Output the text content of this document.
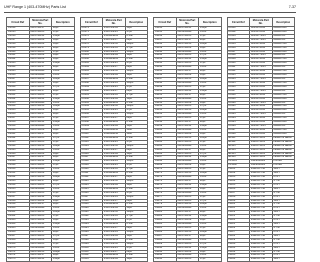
UHF Range 1 (403-470MHz) Parts List	7-37
Circuit Ref	Motorola Part No.	Description
C1014	2113743L17	22pF
C1015	2113743L25	47pF
C1016	2113743L41	150pF
C1017	2113743L09	10pF
C1018	2113743L09	10pF
C1019	2113743L17	22pF
C1020	2113743L25	47pF
C1021	2113743L09	10pF
C1022	2113743L09	10pF
C1023	2113743L41	150pF
C1024	2113743L17	22pF
C1025	2113945B02	0.1uF
C1026	2113945B02	0.1uF
C1027	2113743L33	100pF
C1028	2113743L09	10pF
C1029	2113743L05	4.7pF
C1030	2113743L17	22pF
C1031	2113743L25	47pF
C1032	2113743L41	150pF
C1033	2113945B02	0.1uF
C1034	2113743L33	100pF
C1035	2113743L09	10pF
C1036	2113743L17	22pF
C1037	2113743L25	47pF
C1038	2113743L41	150pF
C1039	2113945B02	0.1uF
C1040	2113743L09	10pF
C1041	2113743L17	22pF
C1042	2113743L05	4.7pF
C1043	2113743L25	47pF
C1044	2113743L33	100pF
C1045	2113945B02	0.1uF
C1046	2113743L09	10pF
C1047	2113743L17	22pF
C1048	2113743L41	150pF
C1049	2113743L25	47pF
C1050	2113945B02	0.1uF
C1051	2113743L09	10pF
C1052	2113743L33	100pF
C1053	2113743L17	22pF
C1054	2113743L05	4.7pF
C1055	2113945B02	0.1uF
C1056	2113743L25	47pF
C1057	2113743L41	150pF
C1058	2113743L09	10pF
C1059	2113743L17	22pF
C1060	2113945B02	0.1uF
C1061	2113743L33	100pF
C1062	2113743L25	47pF
C1063	2113743L09	10pF
C1064	2113743L41	150pF
C1065	2113945B02	0.1uF
C1066	2113743L17	22pF
C1067	2113743L05	4.7pF
C1068	2113743L09	10pF
C1069	2113743L25	47pF
C1070	2113945B02	0.1uF
C1071	2113743L33	100pF
C1072	2113743L17	22pF
C1073	2113743L41	150pF
Circuit Ref	Motorola Part No.	Description
C1074	2113743L09	10pF
C1075	2113743L25	47pF
C1076	2113945B02	0.1uF
C1077	2113743L17	22pF
C1078	2113743L33	100pF
C1079	2113743L05	4.7pF
C1080	2113743L41	150pF
C1081	2113743L09	10pF
C1082	2113945B02	0.1uF
C1083	2113743L25	47pF
C1084	2113743L17	22pF
C1085	2113743L33	100pF
C1086	2113743L09	10pF
C1087	2113945B02	0.1uF
C1088	2113743L41	150pF
C1089	2113743L25	47pF
C1090	2113743L17	22pF
C1091	2113743L05	4.7pF
C1092	2113743L09	10pF
C1093	2113945B02	0.1uF
C1094	2113743L33	100pF
C1095	2113743L25	47pF
C1096	2113743L41	150pF
C1097	2113743L17	22pF
C1098	2113945B02	0.1uF
C1099	2113743L09	10pF
C1100	2311049A56	10uF
C1101	2311049A56	10uF
C1102	2113945B02	0.1uF
C1103	2113743L25	47pF
C1104	2113743L33	100pF
C1105	2113743L17	22pF
C1106	2113743L09	10pF
C1107	2113945B02	0.1uF
C1108	2113743L41	150pF
C1109	2113743L25	47pF
C1110	2113743L05	4.7pF
C1111	2113945B02	0.1uF
C1112	2113743L17	22pF
C1113	2113743L33	100pF
C1114	2113743L09	10pF
C1115	2113945B02	0.1uF
C1116	2113743L25	47pF
C1117	2113743L41	150pF
C1118	2113743L17	22pF
C1119	2113945B02	0.1uF
C1120	2113743L09	10pF
C1121	2113743L33	100pF
C1122	2113743L05	4.7pF
C1123	2113743L25	47pF
C1124	2113945B02	0.1uF
C1125	2113743L17	22pF
C1126	2113743L41	150pF
C1127	2113743L09	10pF
C1128	2113945B02	0.1uF
C1129	2113743L33	100pF
C1130	2113743L25	47pF
C1131	2113743L17	22pF
C1132	2113945B02	0.1uF
C1133	2113743L09	10pF
Circuit Ref	Motorola Part No.	Description
C1134	2113743L41	150pF
C1135	2113945B02	0.1uF
C1136	2113743L25	47pF
C1137	2113743L17	22pF
C1138	2113743L33	100pF
C1139	2113743L09	10pF
C1140	2113945B02	0.1uF
C1141	2113743L05	4.7pF
C1142	2113743L41	150pF
C1143	2113743L25	47pF
C1144	2113945B02	0.1uF
C1145	2113743L17	22pF
C1146	2113743L09	10pF
C1147	2113743L33	100pF
C1148	2113945B02	0.1uF
C1149	2113743L25	47pF
C1150	2113743L41	150pF
C1151	2113743L17	22pF
C1152	2113945B02	0.1uF
C1153	2113743L09	10pF
C1154	2113743L05	4.7pF
C1155	2113743L33	100pF
C1156	2113945B02	0.1uF
C1157	2113743L25	47pF
C1158	2113743L17	22pF
C1159	2113743L41	150pF
C1160	2113945B02	0.1uF
C1161	2113743L09	10pF
C1162	2113743L33	100pF
C1163	2113743L25	47pF
C1164	2113945B02	0.1uF
C1165	2113743L17	22pF
C1166	2113743L05	4.7pF
C1167	2113743L41	150pF
C1168	2113945B02	0.1uF
C1169	2113743L09	10pF
C1170	2113743L25	47pF
C1171	2113743L33	100pF
C1172	2113945B02	0.1uF
C1173	2113743L17	22pF
C1174	2113743L41	150pF
C1175	2113743L09	10pF
C1176	2113945B02	0.1uF
C1177	2113743L25	47pF
C1178	2113743L05	4.7pF
C1179	2113743L33	100pF
C1180	2113945B02	0.1uF
C1181	2113743L17	22pF
C1182	2113743L41	150pF
C1183	2113743L09	10pF
C1184	2113945B02	0.1uF
C1185	2113743L25	47pF
C1186	2113743L33	100pF
C1187	2113743L17	22pF
C1188	2113945B02	0.1uF
C1189	2113743L05	4.7pF
C1190	2113743L41	150pF
C1191	2113743L09	10pF
C1192	2113945B02	0.1uF
C1193	2113743L25	47pF
Circuit Ref	Motorola Part No.	Description
D1101	4813978A11	MMBD6100
D1102	4813978A11	MMBD6100
D1103	4813977M15	MMBD353
D1104	4813977M15	MMBD353
D1105	4813974A13	MMBD7000
D1106	4813974A13	MMBD7000
D1107	4813978A11	MMBD6100
D1108	4813977M15	MMBD353
D1109	4813974A13	MMBD7000
D1110	4813978A11	MMBD6100
D1111	4813977M15	MMBD353
D1112	4813974A13	MMBD7000
D1113	4813978A11	MMBD6100
D1114	4813977M15	MMBD353
D1115	4813974A13	MMBD7000
D1116	4813978A11	MMBD6100
D1117	4813977M15	MMBD353
D1118	4813974A13	MMBD7000
D1119	4813978A11	MMBD6100
D1120	4813977M15	MMBD353
D1121	4813974A13	MMBD7000
D1122	4813978A11	MMBD6100
D1123	4813977M15	MMBD353
D1124	4813974A13	MMBD7000
D1125	4813978A11	MMBD6100
D1126	4813977M15	MMBD353
D1127	4813974A13	MMBD7000
D1128	4813978A11	MMBD6100
E1101	2480574F01	FERRITE BEAD
E1102	2480574F01	FERRITE BEAD
E1103	2480574F01	FERRITE BEAD
E1104	2480574F01	FERRITE BEAD
E1105	2480574F01	FERRITE BEAD
E1106	2480574F01	FERRITE BEAD
FL1101	9185802A01	FILTER
FL1102	9185802A01	FILTER
L1101	2462587T38	18nH
L1102	2462587T38	18nH
L1103	2462587T40	27nH
L1104	2462587T30	4.7nH
L1105	2462587T40	27nH
L1106	2462587T38	18nH
L1107	2462587T30	4.7nH
L1108	2462587T40	27nH
L1109	2462587T38	18nH
L1110	2462587T30	4.7nH
L1111	2462587T40	27nH
L1112	2462587T38	18nH
L1113	2462587T30	4.7nH
L1114	2462587T40	27nH
L1115	2462587T38	18nH
L1116	2462587T30	4.7nH
L1117	2462587T40	27nH
L1118	2462587T38	18nH
L1119	2462587T30	4.7nH
L1120	2462587T40	27nH
L1121	2462587T38	18nH
L1122	2462587T30	4.7nH
L1123	2462587T40	27nH
L1124	2462587T38	18nH
